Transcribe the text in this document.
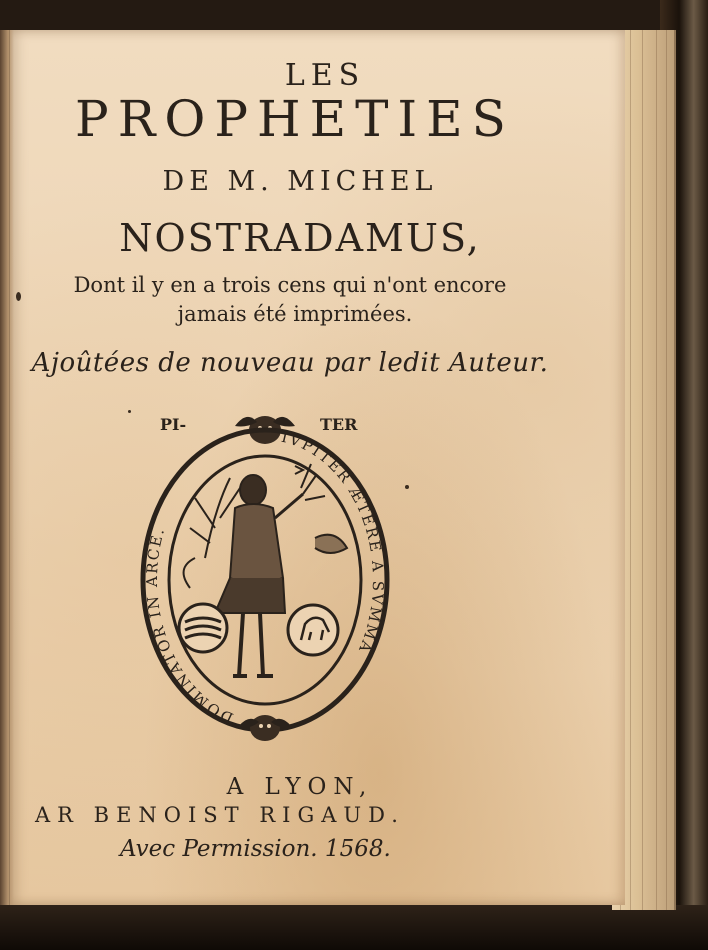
LES
PROPHETIES
DE M. MICHEL
NOSTRADAMUS,
Dont il y en a trois cens qui n'ont encore
jamais été imprimées.
Ajoûtées de nouveau par ledit Auteur.
PI-	TER
DOMINATOR IN ARCE.
IVPITER ÆTERE A SVMMA
A LYON,
AR BENOIST RIGAUD.
Avec Permission. 1568.
